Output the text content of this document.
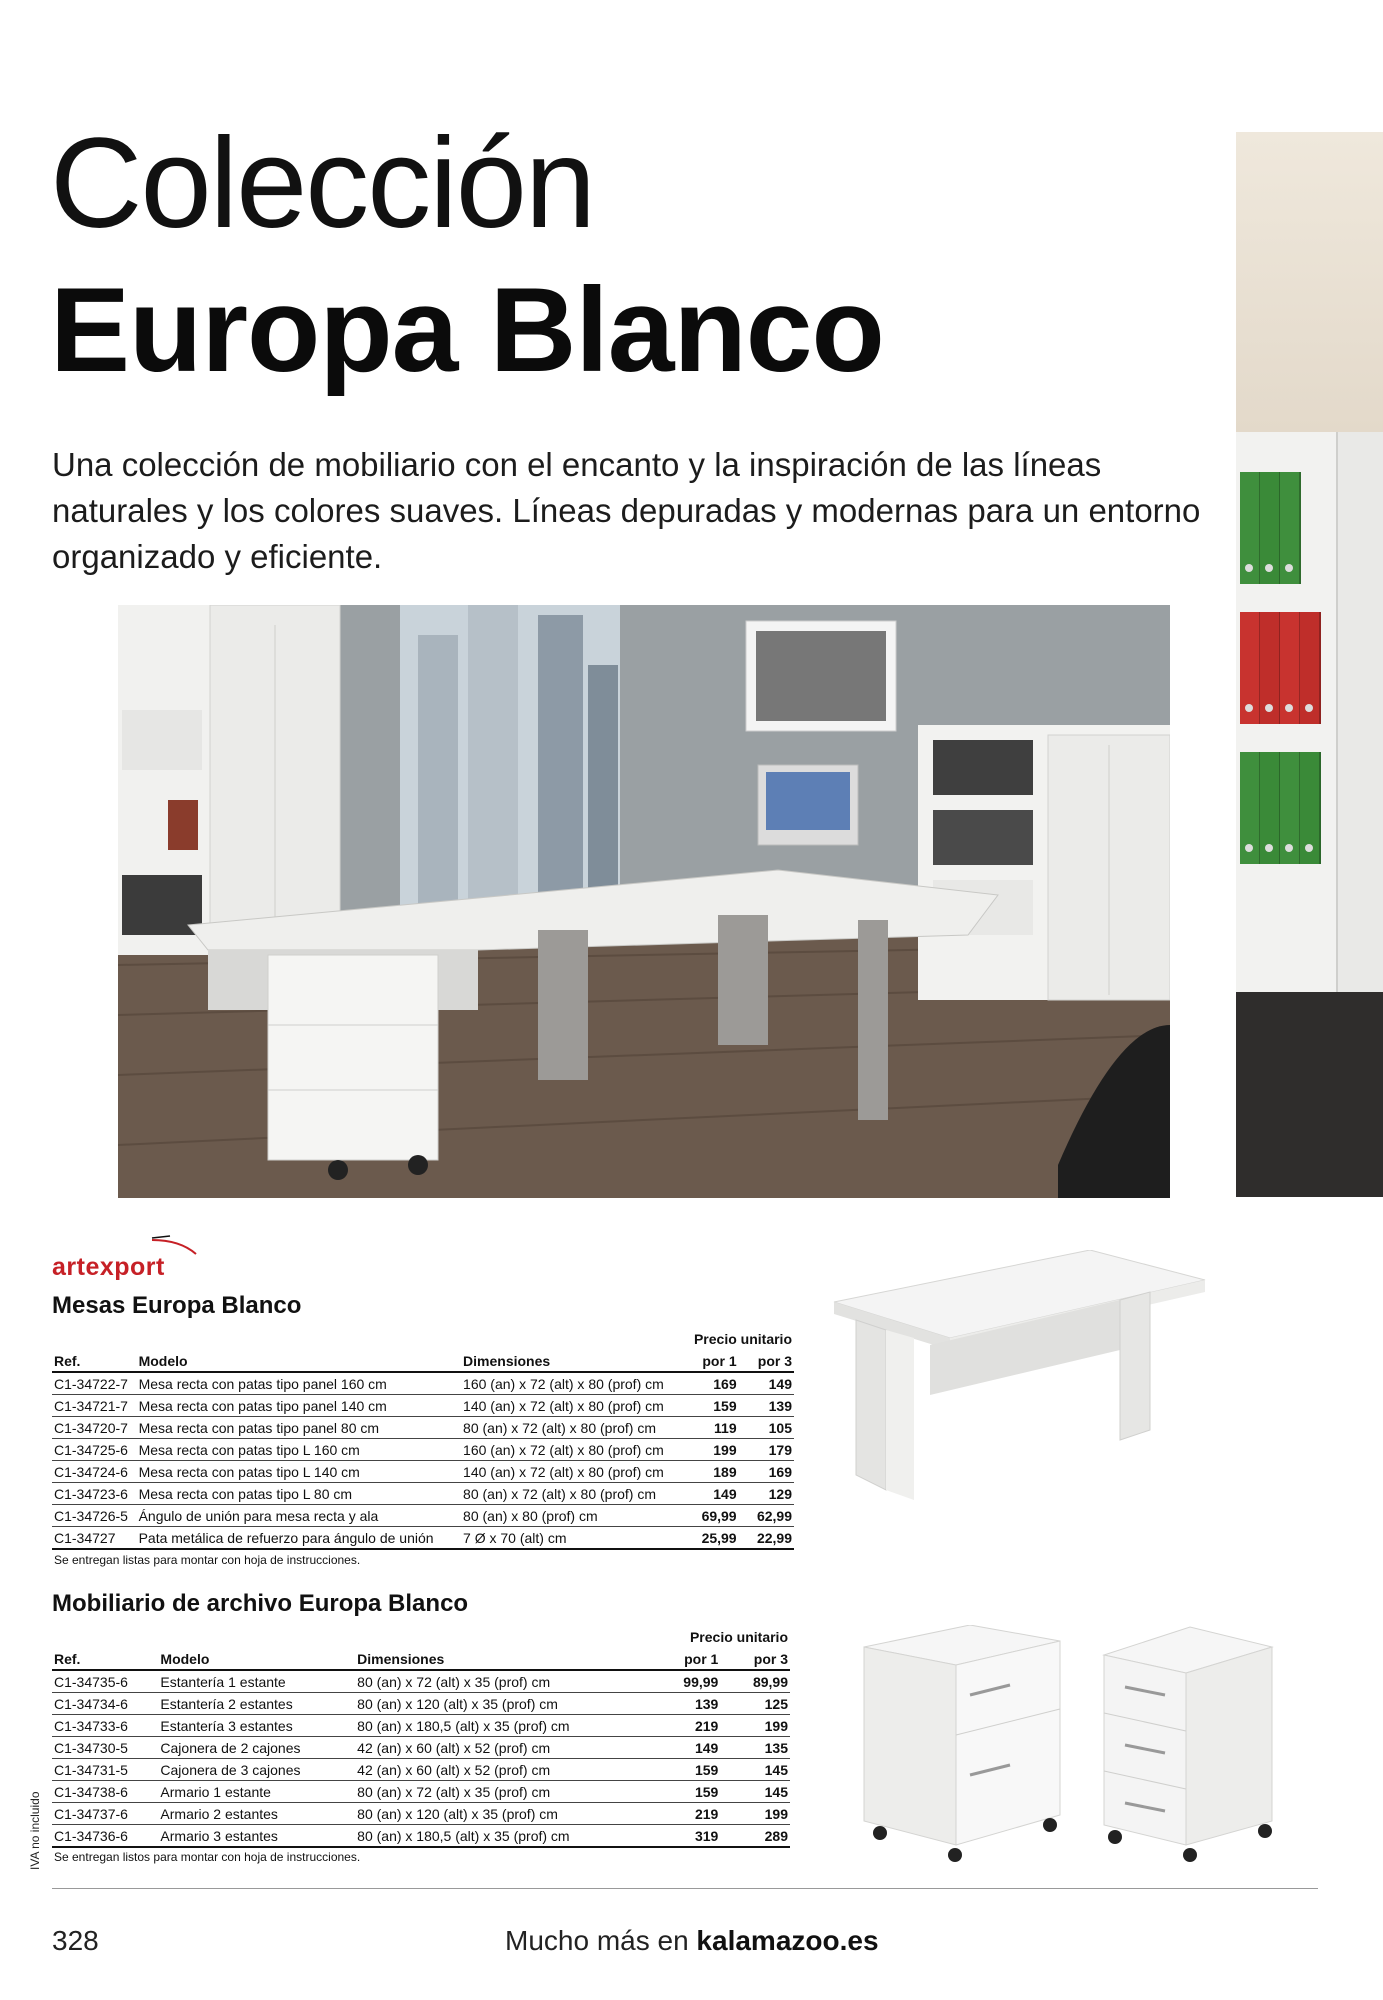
Colección
Europa Blanco
Una colección de mobiliario con el encanto y la inspiración de las líneas naturales y los colores suaves. Líneas depuradas y modernas para un entorno organizado y eficiente.
artexport
Mesas Europa Blanco
			Precio unitario	
Ref.	Modelo	Dimensiones	por 1	por 3
C1-34722-7	Mesa recta con patas tipo panel 160 cm	160 (an) x 72 (alt) x 80 (prof) cm	169	149
C1-34721-7	Mesa recta con patas tipo panel 140 cm	140 (an) x 72 (alt) x 80 (prof) cm	159	139
C1-34720-7	Mesa recta con patas tipo panel 80 cm	80 (an) x 72 (alt) x 80 (prof) cm	119	105
C1-34725-6	Mesa recta con patas tipo L 160 cm	160 (an) x 72 (alt) x 80 (prof) cm	199	179
C1-34724-6	Mesa recta con patas tipo L 140 cm	140 (an) x 72 (alt) x 80 (prof) cm	189	169
C1-34723-6	Mesa recta con patas tipo L 80 cm	80 (an) x 72 (alt) x 80 (prof) cm	149	129
C1-34726-5	Ángulo de unión para mesa recta y ala	80 (an) x 80 (prof) cm	69,99	62,99
C1-34727	Pata metálica de refuerzo para ángulo de unión	7 Ø x 70 (alt) cm	25,99	22,99
Se entregan listas para montar con hoja de instrucciones.
Mobiliario de archivo Europa Blanco
			Precio unitario	
Ref.	Modelo	Dimensiones	por 1	por 3
C1-34735-6	Estantería 1 estante	80 (an) x 72 (alt) x 35 (prof) cm	99,99	89,99
C1-34734-6	Estantería 2 estantes	80 (an) x 120 (alt) x 35 (prof) cm	139	125
C1-34733-6	Estantería 3 estantes	80 (an) x 180,5 (alt) x 35 (prof) cm	219	199
C1-34730-5	Cajonera de 2 cajones	42 (an) x 60 (alt) x 52 (prof) cm	149	135
C1-34731-5	Cajonera de 3 cajones	42 (an) x 60 (alt) x 52 (prof) cm	159	145
C1-34738-6	Armario 1 estante	80 (an) x 72 (alt) x 35 (prof) cm	159	145
C1-34737-6	Armario 2 estantes	80 (an) x 120 (alt) x 35 (prof) cm	219	199
C1-34736-6	Armario 3 estantes	80 (an) x 180,5 (alt) x 35 (prof) cm	319	289
Se entregan listos para montar con hoja de instrucciones.
IVA no incluido
328	Mucho más en kalamazoo.es
